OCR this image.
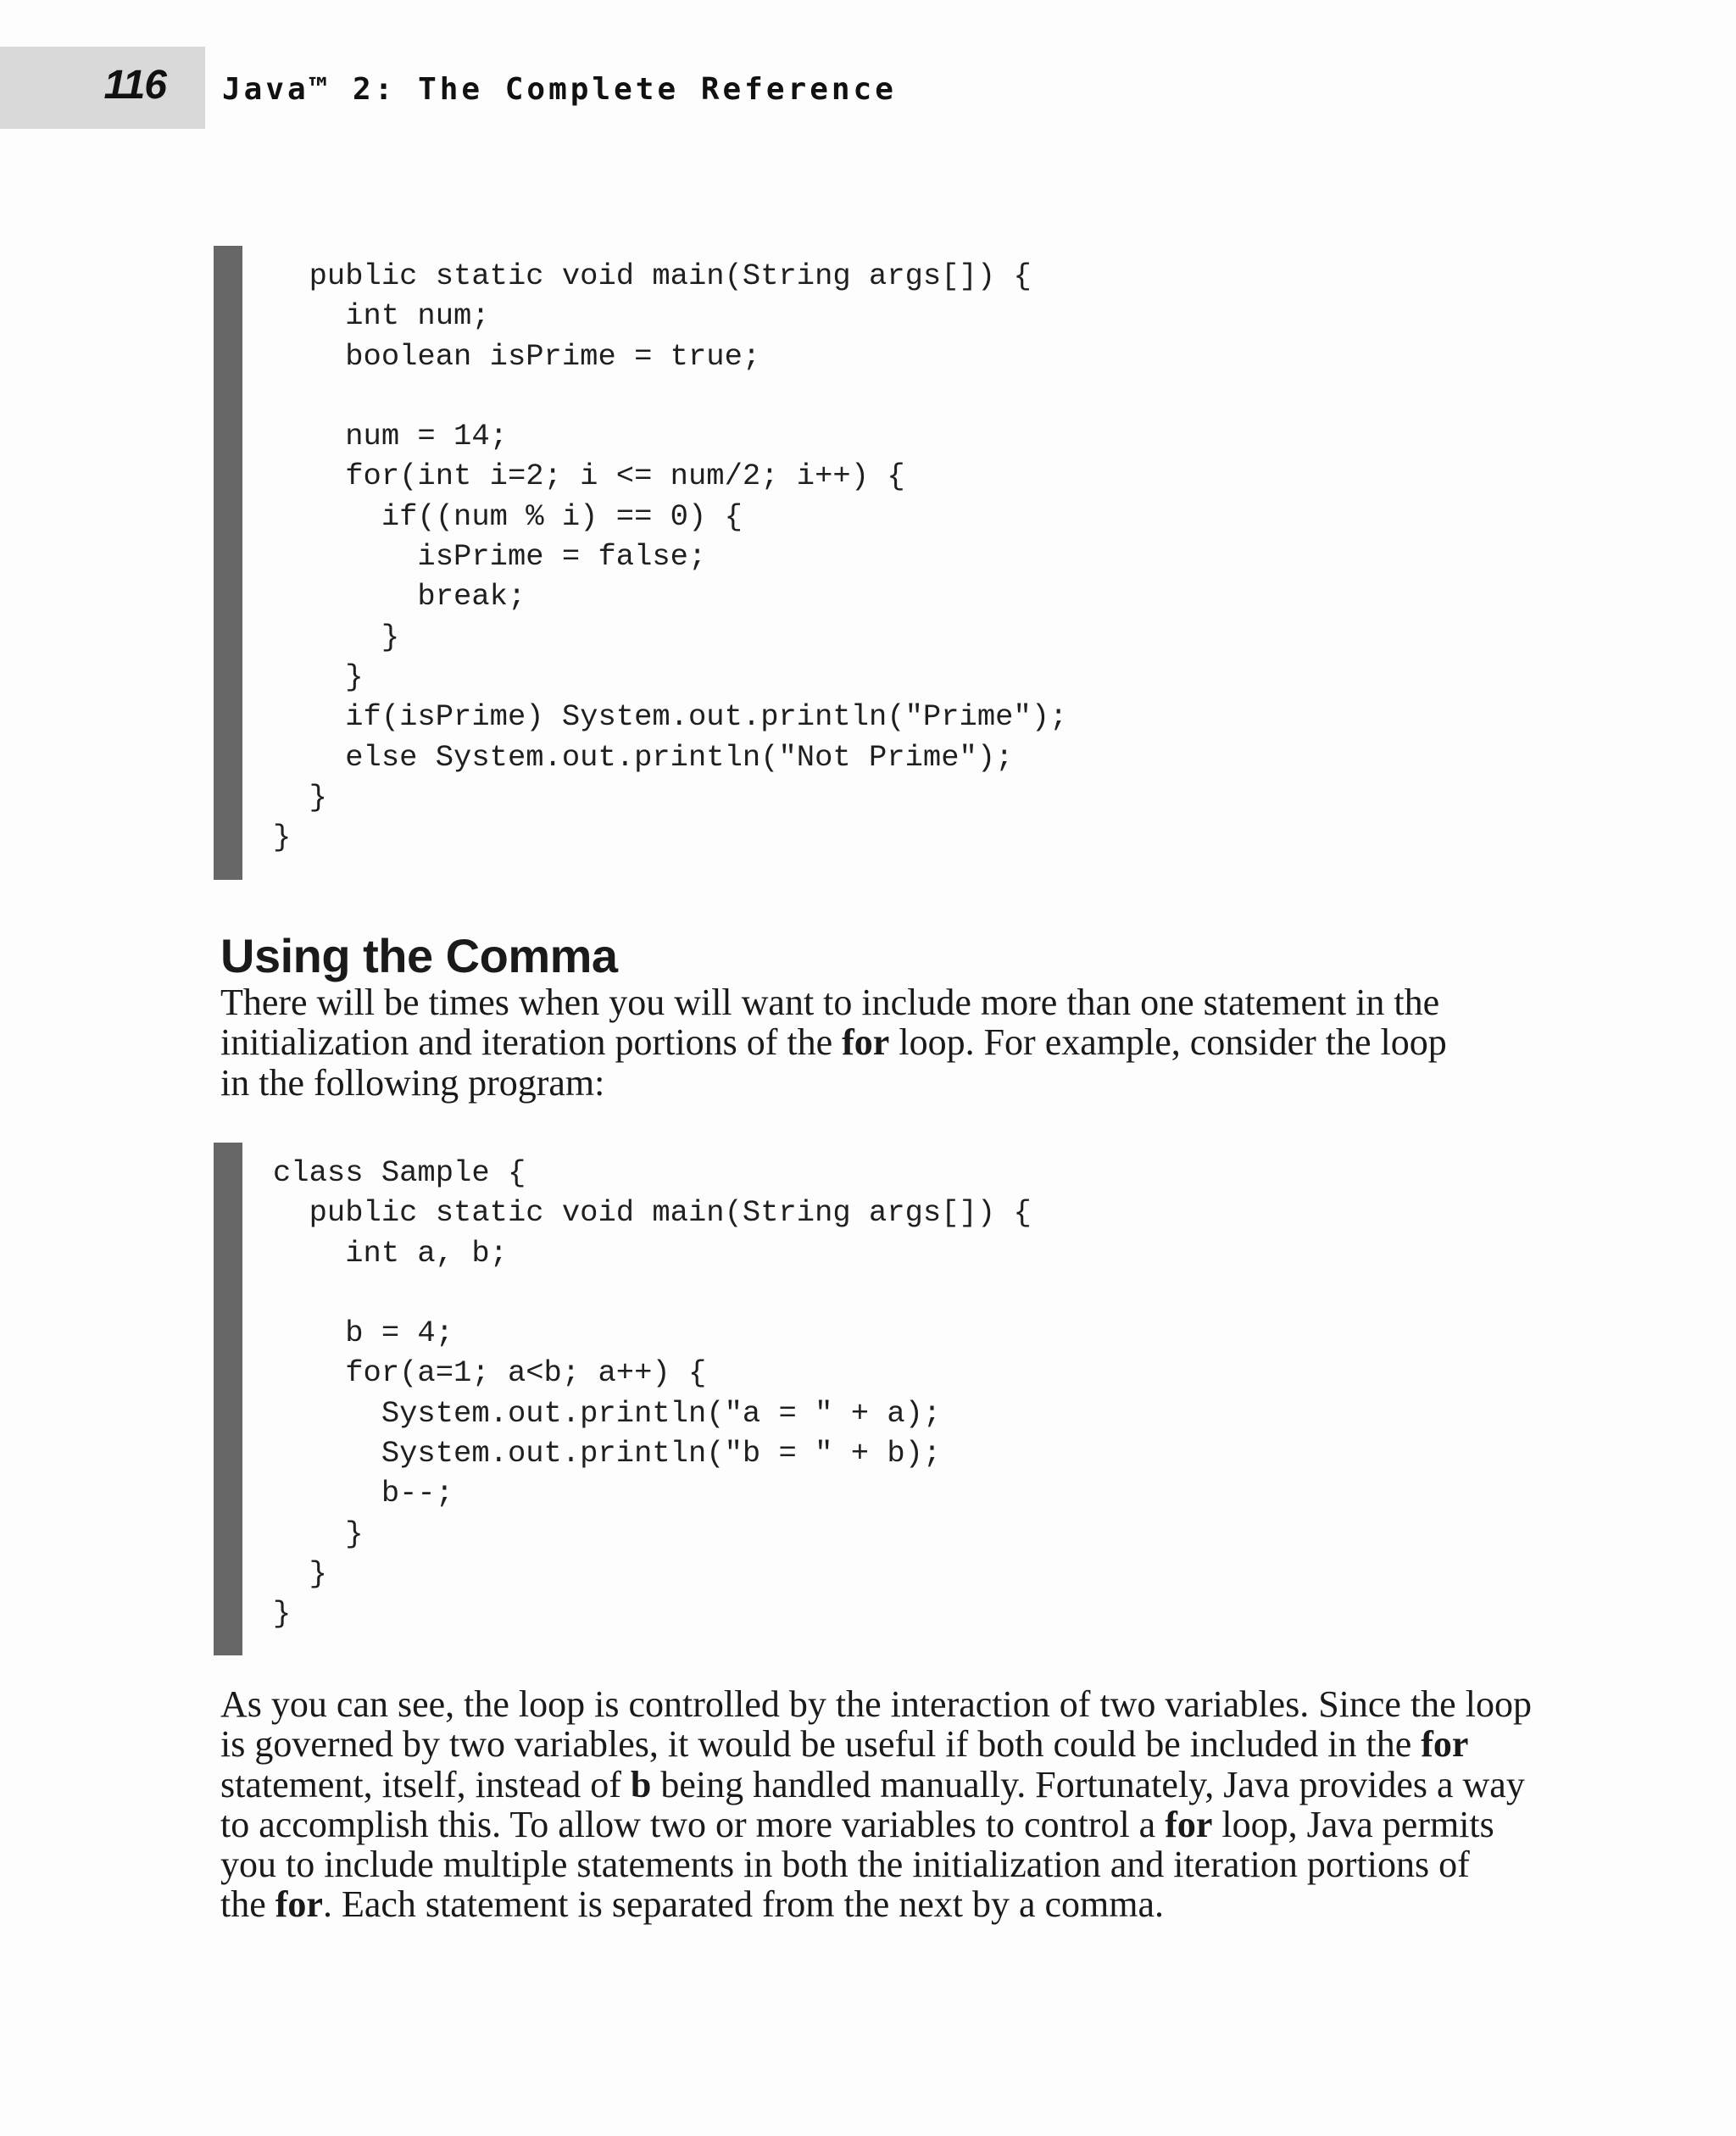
116 Java™ 2: The Complete Reference
public static void main(String args[]) {
int num;
boolean isPrime = true;

num = 14;
for(int i=2; i <= num/2; i++) {
if((num % i) == 0) {
isPrime = false;
break;
}
}
if(isPrime) System.out.println("Prime");
else System.out.println("Not Prime");
}
}
Using the Comma

There will be times when you will want to include more than one statement in the
initialization and iteration portions of the for loop. For example, consider the loop
in the following program:

class Sample {
public static void main(String args[]) {
int a, b;

b = 4;
for(a=1; a<b; a++) {
System.out.println("a = " + a);
System.out.println("b = " + b);
b--;
}
}
}

As you can see, the loop is controlled by the interaction of two variables. Since the loop
is governed by two variables, it would be useful if both could be included in the for
statement, itself, instead of b being handled manually. Fortunately, Java provides a way
to accomplish this. To allow two or more variables to control a for loop, Java permits
you to include multiple statements in both the initialization and iteration portions of
the for. Each statement is separated from the next by a comma.
